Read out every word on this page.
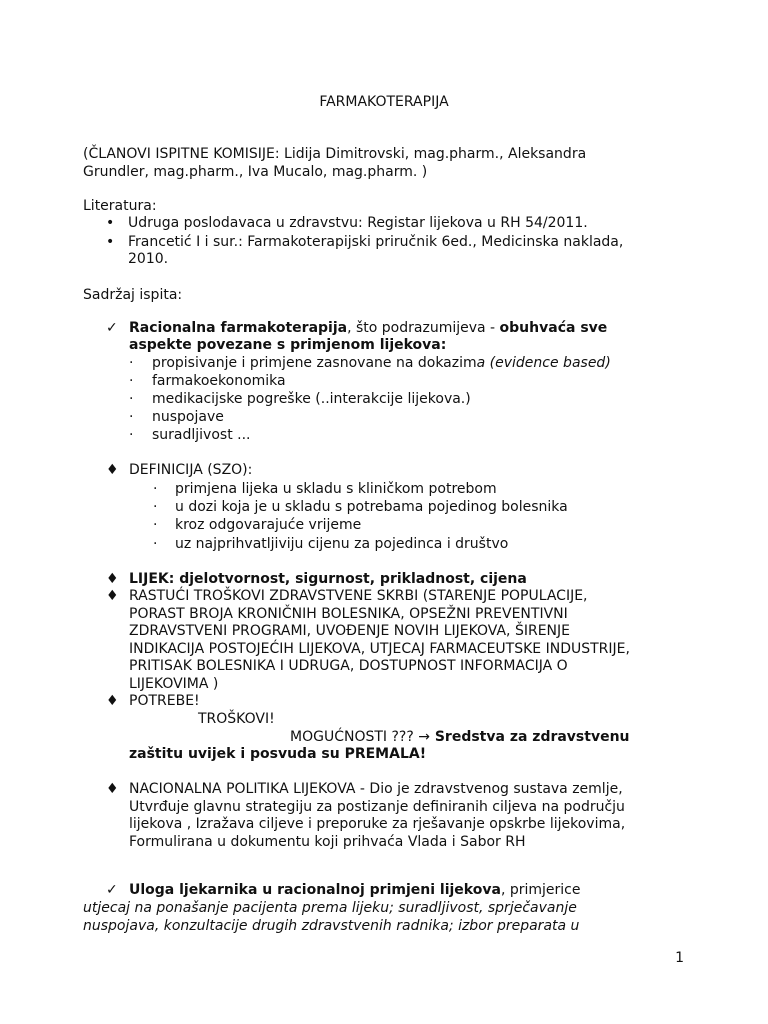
FARMAKOTERAPIJA
(ČLANOVI ISPITNE KOMISIJE: Lidija Dimitrovski, mag.pharm., Aleksandra
Grundler, mag.pharm., Iva Mucalo, mag.pharm. )
Literatura:
• Udruga poslodavaca u zdravstvu: Registar lijekova u RH 54/2011.
• Francetić I i sur.: Farmakoterapijski priručnik 6ed., Medicinska naklada,
2010.
Sadržaj ispita:
✓ Racionalna farmakoterapija, što podrazumijeva - obuhvaća sve
aspekte povezane s primjenom lijekova:
· propisivanje i primjene zasnovane na dokazima (evidence based)
· farmakoekonomika
· medikacijske pogreške (..interakcije lijekova.)
· nuspojave
· suradljivost ...
♦ DEFINICIJA (SZO):
· primjena lijeka u skladu s kliničkom potrebom
· u dozi koja je u skladu s potrebama pojedinog bolesnika
· kroz odgovarajuće vrijeme
· uz najprihvatljiviju cijenu za pojedinca i društvo
♦ LIJEK: djelotvornost, sigurnost, prikladnost, cijena
♦ RASTUĆI TROŠKOVI ZDRAVSTVENE SKRBI (STARENJE POPULACIJE,
PORAST BROJA KRONIČNIH BOLESNIKA, OPSEŽNI PREVENTIVNI
ZDRAVSTVENI PROGRAMI, UVOĐENJE NOVIH LIJEKOVA, ŠIRENJE
INDIKACIJA POSTOJEĆIH LIJEKOVA, UTJECAJ FARMACEUTSKE INDUSTRIJE,
PRITISAK BOLESNIKA I UDRUGA, DOSTUPNOST INFORMACIJA O
LIJEKOVIMA )
♦ POTREBE!
TROŠKOVI!
MOGUĆNOSTI ??? → Sredstva za zdravstvenu
zaštitu uvijek i posvuda su PREMALA!
♦ NACIONALNA POLITIKA LIJEKOVA - Dio je zdravstvenog sustava zemlje,
Utvrđuje glavnu strategiju za postizanje definiranih ciljeva na području
lijekova , Izražava ciljeve i preporuke za rješavanje opskrbe lijekovima,
Formulirana u dokumentu koji prihvaća Vlada i Sabor RH
✓ Uloga ljekarnika u racionalnoj primjeni lijekova, primjerice
utjecaj na ponašanje pacijenta prema lijeku; suradljivost, sprječavanje
nuspojava, konzultacije drugih zdravstvenih radnika; izbor preparata u
1
